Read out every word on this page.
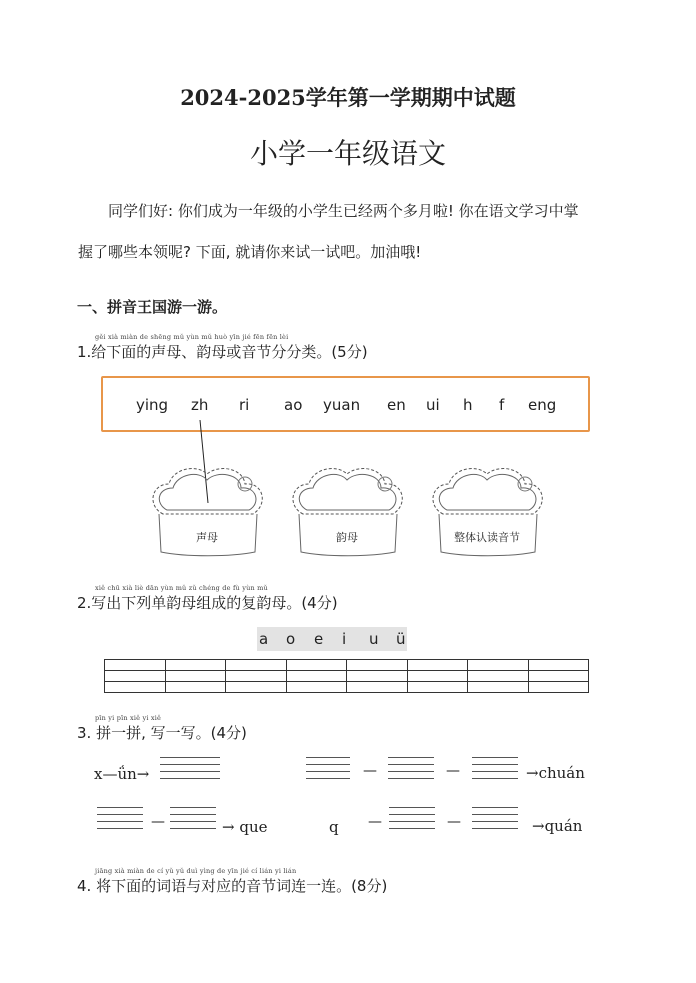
2024-2025学年第一学期期中试题
小学一年级语文
同学们好: 你们成为一年级的小学生已经两个多月啦! 你在语文学习中掌
握了哪些本领呢? 下面, 就请你来试一试吧。加油哦!
一、拼音王国游一游。
gěi xià miàn de shēng mǔ yùn mǔ huò yīn jié fēn fēn lèi
1.给下面的声母、韵母或音节分分类。(5分)
ying zh ri ao yuan en ui h f eng
声母	韵母	整体认读音节
xiě chū xià liè dān yùn mǔ zǔ chéng de fù yùn mǔ
2.写出下列单韵母组成的复韵母。(4分)
a o e i u ü

pīn yi pīn xiě yi xiě
3. 拼一拼, 写一写。(4分)
x—ǘn→	—	—	→chuán
—	→ que	q —	—	→quán
jiāng xià miàn de cí yǔ yǔ duì yìng de yīn jié cí lián yi lián
4. 将下面的词语与对应的音节词连一连。(8分)
